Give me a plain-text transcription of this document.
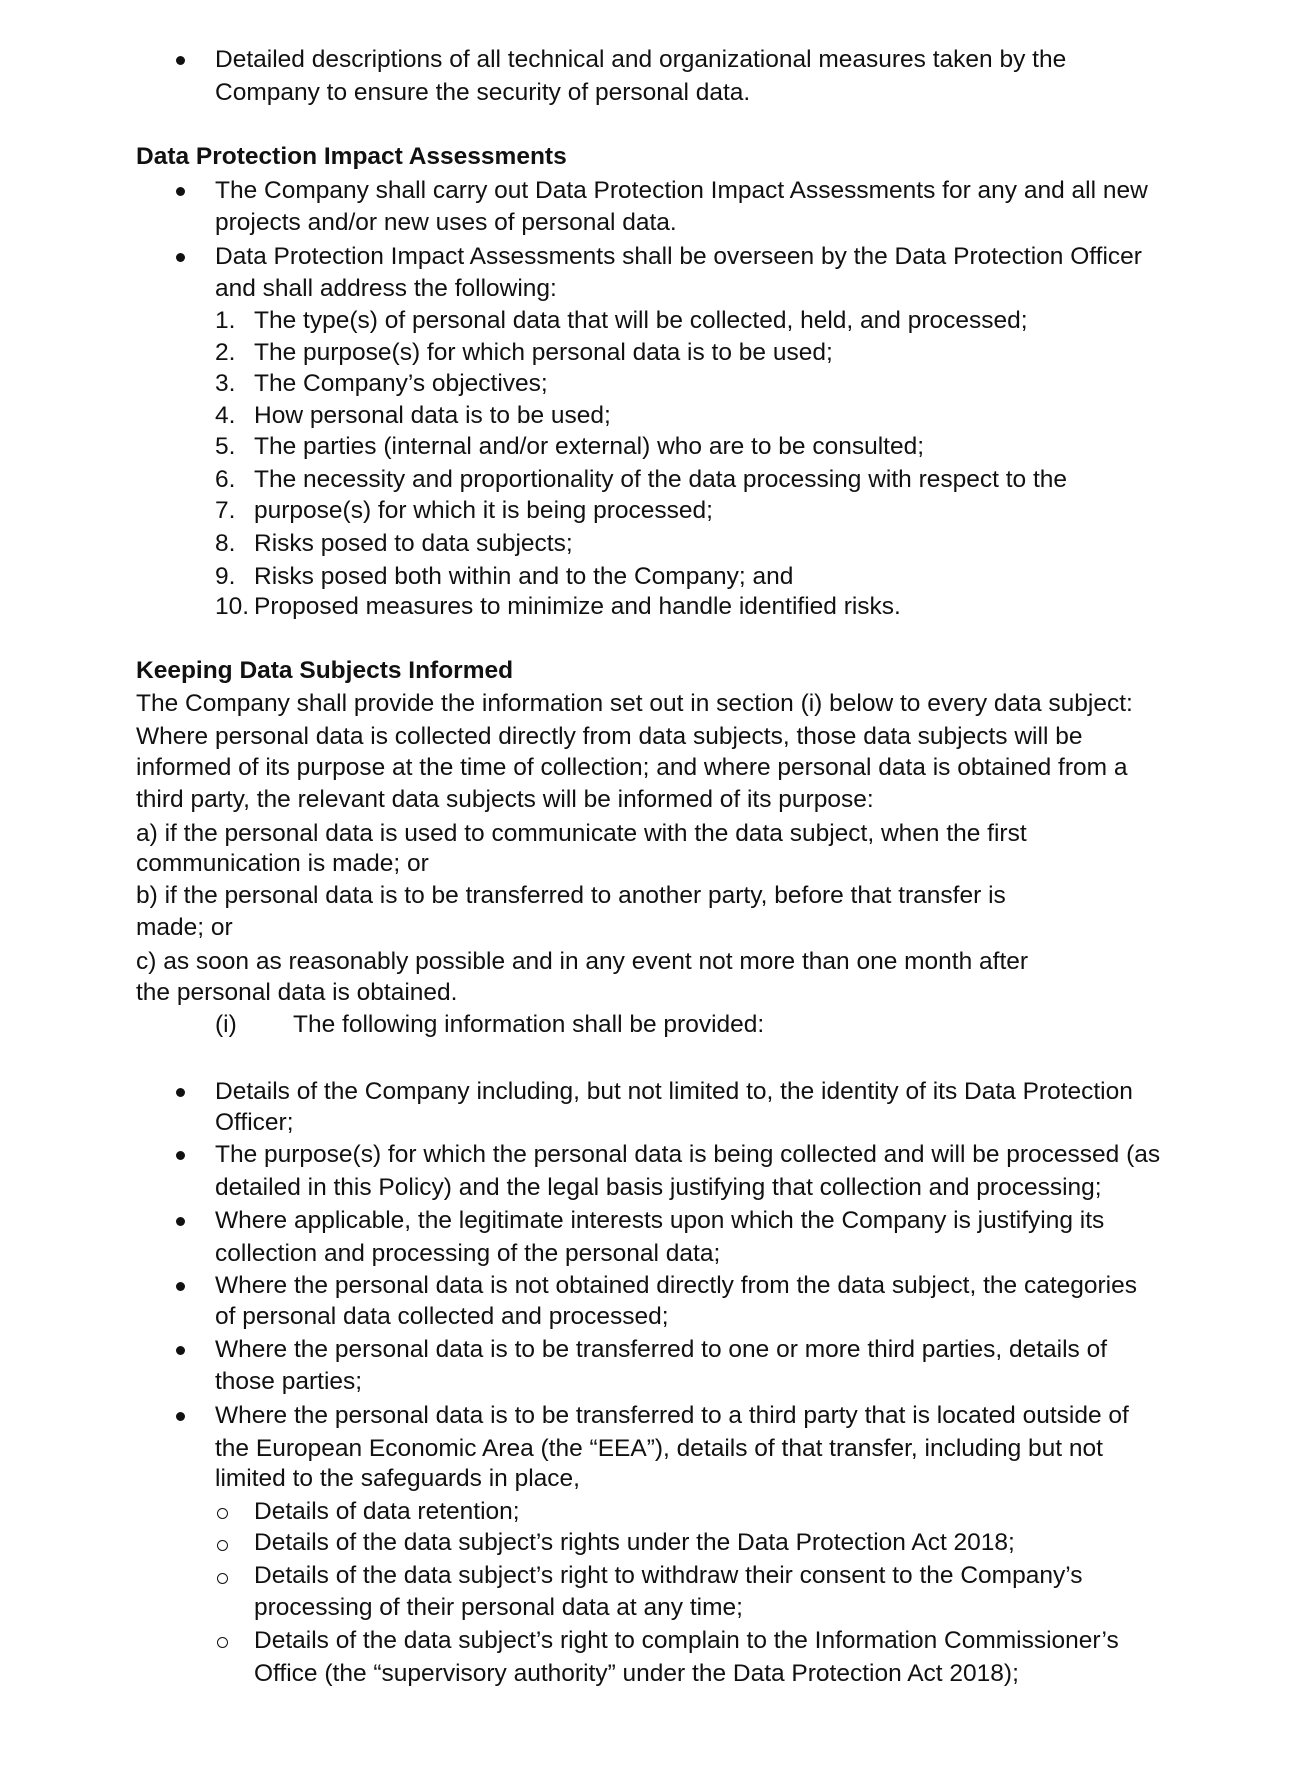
Detailed descriptions of all technical and organizational measures taken by the
Company to ensure the security of personal data.
Data Protection Impact Assessments
The Company shall carry out Data Protection Impact Assessments for any and all new
projects and/or new uses of personal data.
Data Protection Impact Assessments shall be overseen by the Data Protection Officer
and shall address the following:
1. The type(s) of personal data that will be collected, held, and processed;
2. The purpose(s) for which personal data is to be used;
3. The Company’s objectives;
4. How personal data is to be used;
5. The parties (internal and/or external) who are to be consulted;
6. The necessity and proportionality of the data processing with respect to the
7. purpose(s) for which it is being processed;
8. Risks posed to data subjects;
9. Risks posed both within and to the Company; and
10. Proposed measures to minimize and handle identified risks.
Keeping Data Subjects Informed
The Company shall provide the information set out in section (i) below to every data subject:
Where personal data is collected directly from data subjects, those data subjects will be
informed of its purpose at the time of collection; and where personal data is obtained from a
third party, the relevant data subjects will be informed of its purpose:
a) if the personal data is used to communicate with the data subject, when the first
communication is made; or
b) if the personal data is to be transferred to another party, before that transfer is
made; or
c) as soon as reasonably possible and in any event not more than one month after
the personal data is obtained.
(i) The following information shall be provided:
Details of the Company including, but not limited to, the identity of its Data Protection
Officer;
The purpose(s) for which the personal data is being collected and will be processed (as
detailed in this Policy) and the legal basis justifying that collection and processing;
Where applicable, the legitimate interests upon which the Company is justifying its
collection and processing of the personal data;
Where the personal data is not obtained directly from the data subject, the categories
of personal data collected and processed;
Where the personal data is to be transferred to one or more third parties, details of
those parties;
Where the personal data is to be transferred to a third party that is located outside of
the European Economic Area (the “EEA”), details of that transfer, including but not
limited to the safeguards in place,
Details of data retention;
Details of the data subject’s rights under the Data Protection Act 2018;
Details of the data subject’s right to withdraw their consent to the Company’s
processing of their personal data at any time;
Details of the data subject’s right to complain to the Information Commissioner’s
Office (the “supervisory authority” under the Data Protection Act 2018);
